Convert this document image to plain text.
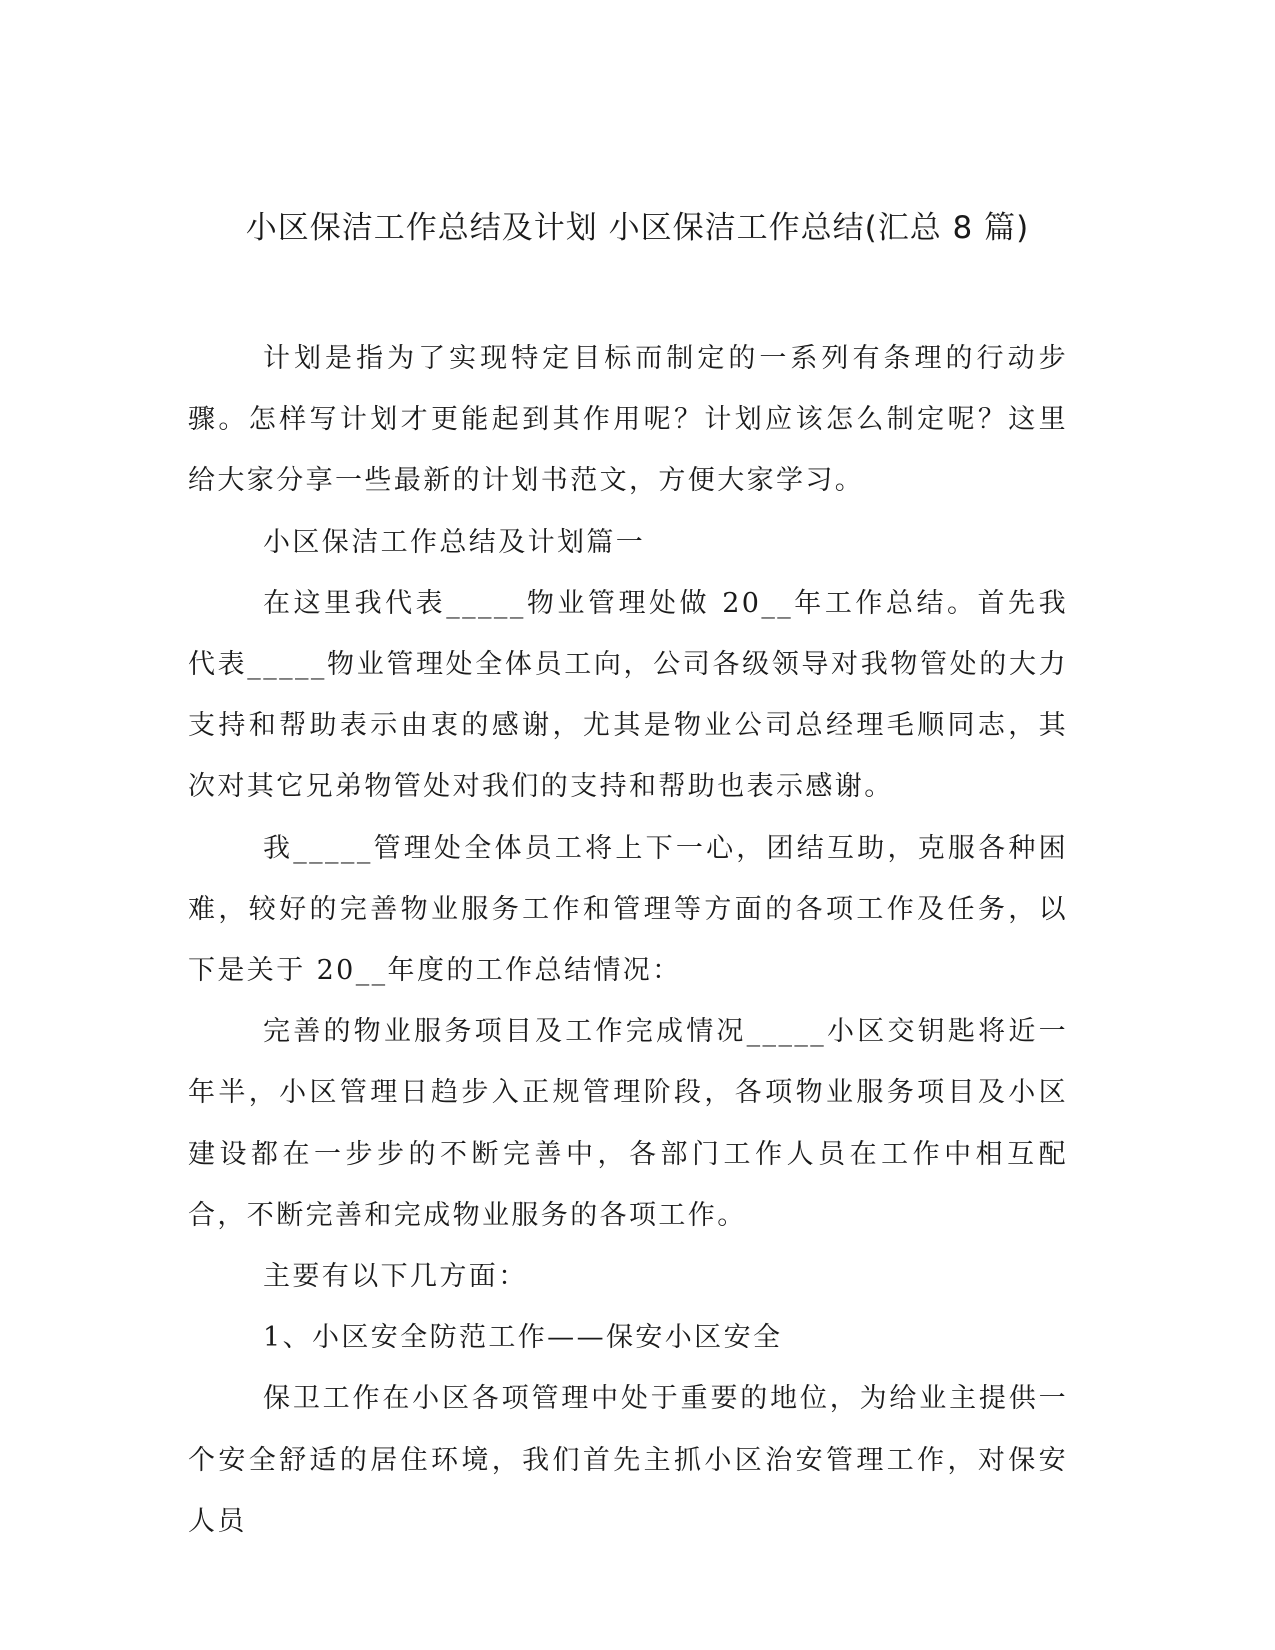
小区保洁工作总结及计划 小区保洁工作总结(汇总 8 篇)

计划是指为了实现特定目标而制定的一系列有条理的行动步骤。怎样写计划才更能起到其作用呢？计划应该怎么制定呢？这里给大家分享一些最新的计划书范文，方便大家学习。

小区保洁工作总结及计划篇一

在这里我代表_____物业管理处做 20__年工作总结。首先我代表_____物业管理处全体员工向，公司各级领导对我物管处的大力支持和帮助表示由衷的感谢，尤其是物业公司总经理毛顺同志，其次对其它兄弟物管处对我们的支持和帮助也表示感谢。

我_____管理处全体员工将上下一心，团结互助，克服各种困难，较好的完善物业服务工作和管理等方面的各项工作及任务，以下是关于 20__年度的工作总结情况：

完善的物业服务项目及工作完成情况_____小区交钥匙将近一年半，小区管理日趋步入正规管理阶段，各项物业服务项目及小区建设都在一步步的不断完善中，各部门工作人员在工作中相互配合，不断完善和完成物业服务的各项工作。

主要有以下几方面：

1、小区安全防范工作——保安小区安全

保卫工作在小区各项管理中处于重要的地位，为给业主提供一个安全舒适的居住环境，我们首先主抓小区治安管理工作，对保安人员
